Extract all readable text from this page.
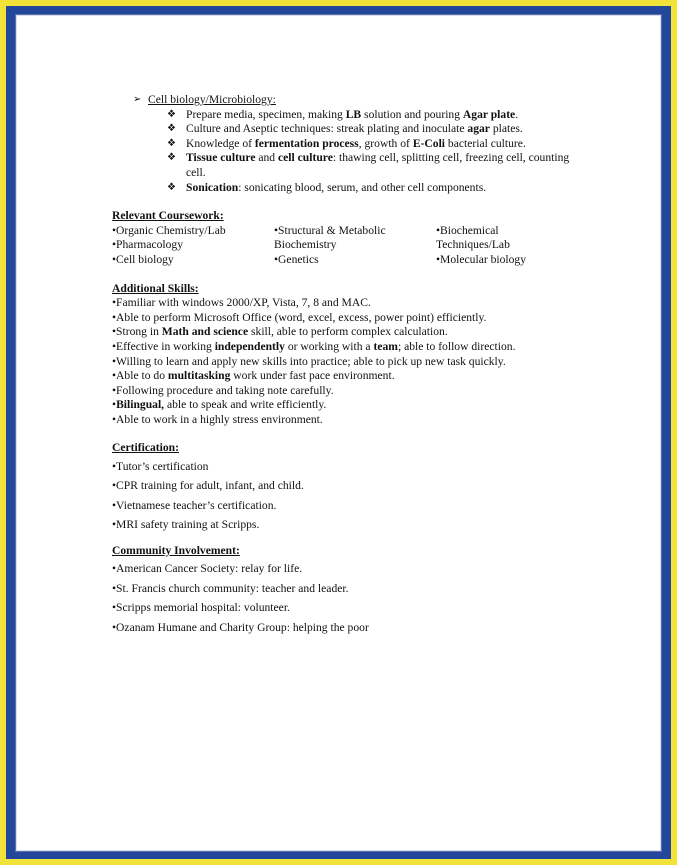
➢ Cell biology/Microbiology:
❖ Prepare media, specimen, making LB solution and pouring Agar plate.
❖ Culture and Aseptic techniques: streak plating and inoculate agar plates.
❖ Knowledge of fermentation process, growth of E-Coli bacterial culture.
❖ Tissue culture and cell culture: thawing cell, splitting cell, freezing cell, counting cell.
❖ Sonication: sonicating blood, serum, and other cell components.
Relevant Coursework:
•Organic Chemistry/Lab	•Structural & Metabolic	•Biochemical
•Pharmacology	Biochemistry	Techniques/Lab
•Cell biology	•Genetics	•Molecular biology
Additional Skills:
•Familiar with windows 2000/XP, Vista, 7, 8 and MAC.
•Able to perform Microsoft Office (word, excel, excess, power point) efficiently.
•Strong in Math and science skill, able to perform complex calculation.
•Effective in working independently or working with a team; able to follow direction.
•Willing to learn and apply new skills into practice; able to pick up new task quickly.
•Able to do multitasking work under fast pace environment.
•Following procedure and taking note carefully.
•Bilingual, able to speak and write efficiently.
•Able to work in a highly stress environment.
Certification:
•Tutor’s certification
•CPR training for adult, infant, and child.
•Vietnamese teacher’s certification.
•MRI safety training at Scripps.
Community Involvement:
•American Cancer Society: relay for life.
•St. Francis church community: teacher and leader.
•Scripps memorial hospital: volunteer.
•Ozanam Humane and Charity Group: helping the poor
